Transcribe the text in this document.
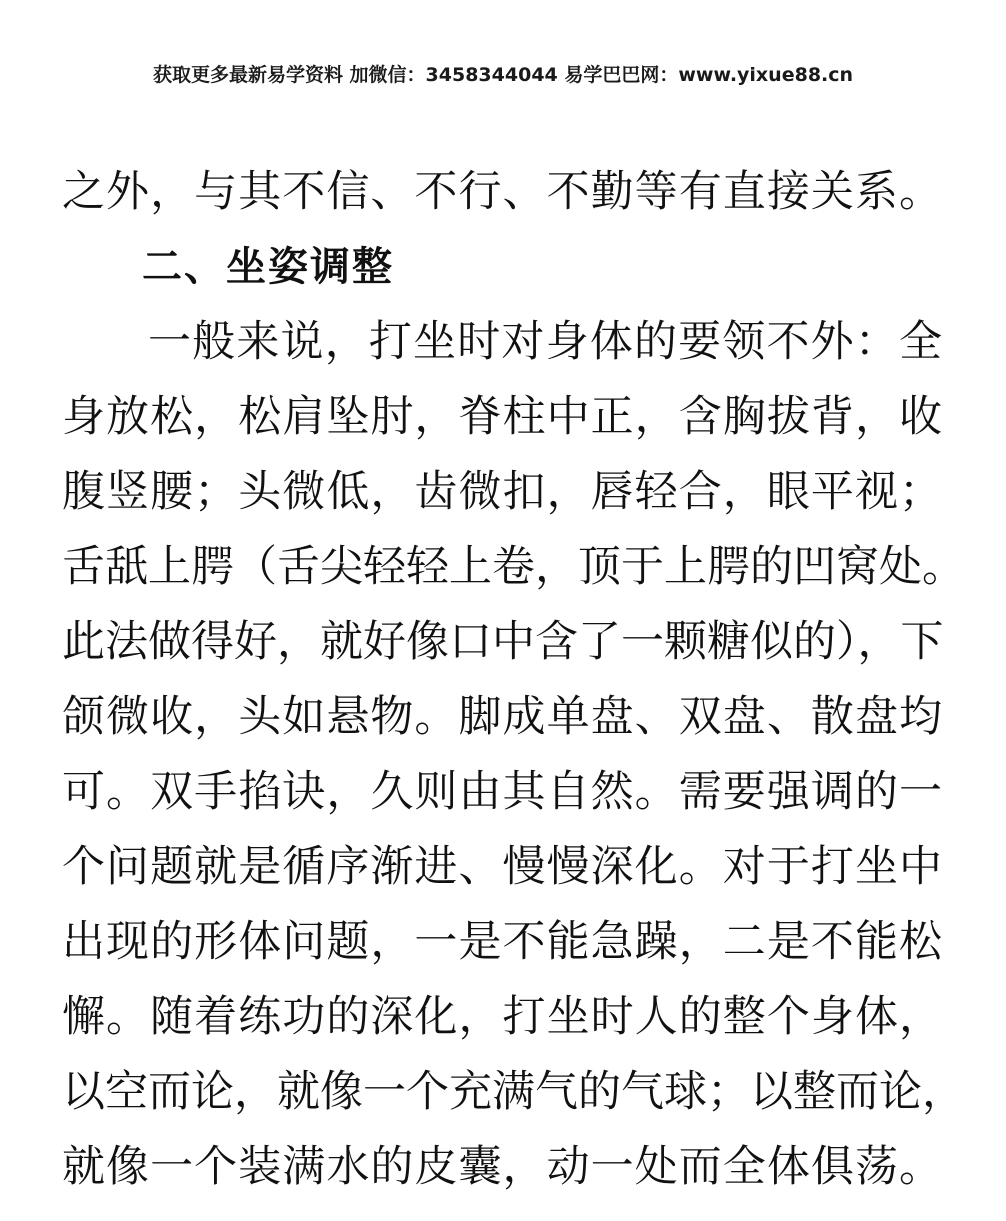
获取更多最新易学资料 加微信：3458344044 易学巴巴网：www.yixue88.cn
之外，与其不信、不行、不勤等有直接关系。
二、坐姿调整
一般来说，打坐时对身体的要领不外：全
身放松，松肩坠肘，脊柱中正，含胸拔背，收
腹竖腰；头微低，齿微扣，唇轻合，眼平视；
舌舐上腭（舌尖轻轻上卷，顶于上腭的凹窝处。
此法做得好，就好像口中含了一颗糖似的），下
颌微收，头如悬物。脚成单盘、双盘、散盘均
可。双手掐诀，久则由其自然。需要强调的一
个问题就是循序渐进、慢慢深化。对于打坐中
出现的形体问题，一是不能急躁，二是不能松
懈。随着练功的深化，打坐时人的整个身体，
以空而论，就像一个充满气的气球；以整而论，
就像一个装满水的皮囊，动一处而全体俱荡。
